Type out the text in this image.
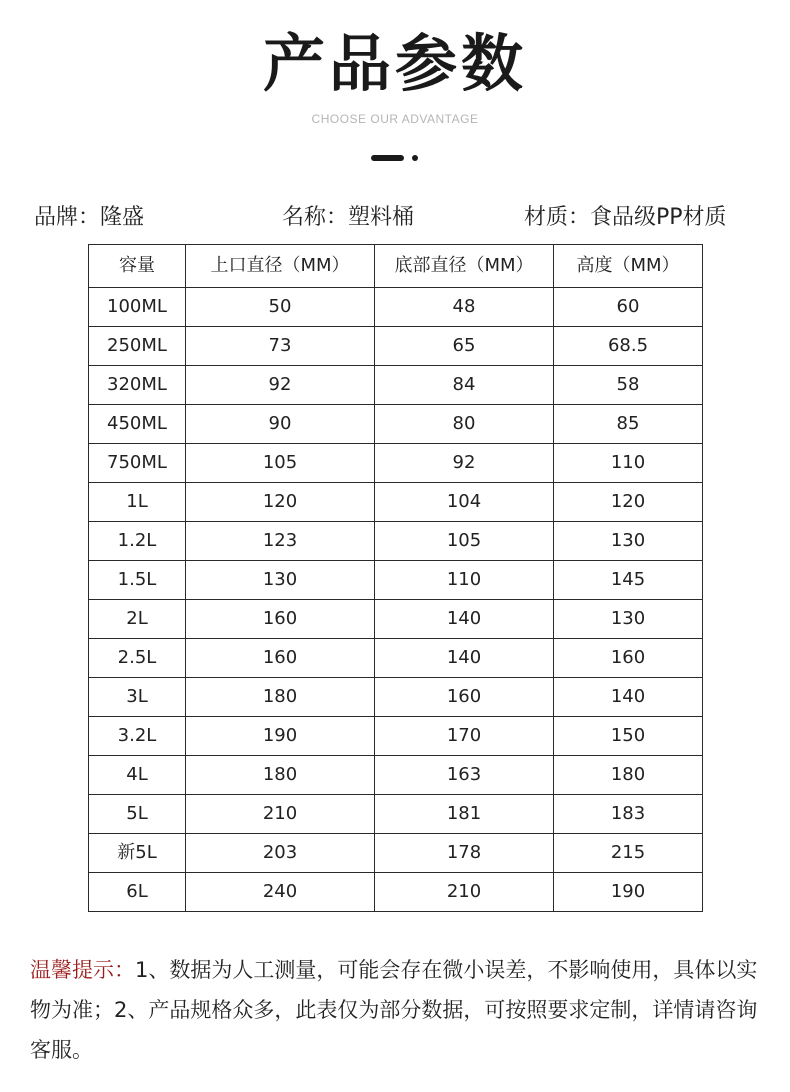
产品参数
CHOOSE OUR ADVANTAGE
品牌：隆盛	名称：塑料桶	材质：食品级PP材质
容量	上口直径（MM）	底部直径（MM）	高度（MM）
100ML	50	48	60
250ML	73	65	68.5
320ML	92	84	58
450ML	90	80	85
750ML	105	92	110
1L	120	104	120
1.2L	123	105	130
1.5L	130	110	145
2L	160	140	130
2.5L	160	140	160
3L	180	160	140
3.2L	190	170	150
4L	180	163	180
5L	210	181	183
新5L	203	178	215
6L	240	210	190
温馨提示：1、数据为人工测量，可能会存在微小误差，不影响使用，具体以实物为准；2、产品规格众多，此表仅为部分数据，可按照要求定制，详情请咨询客服。
